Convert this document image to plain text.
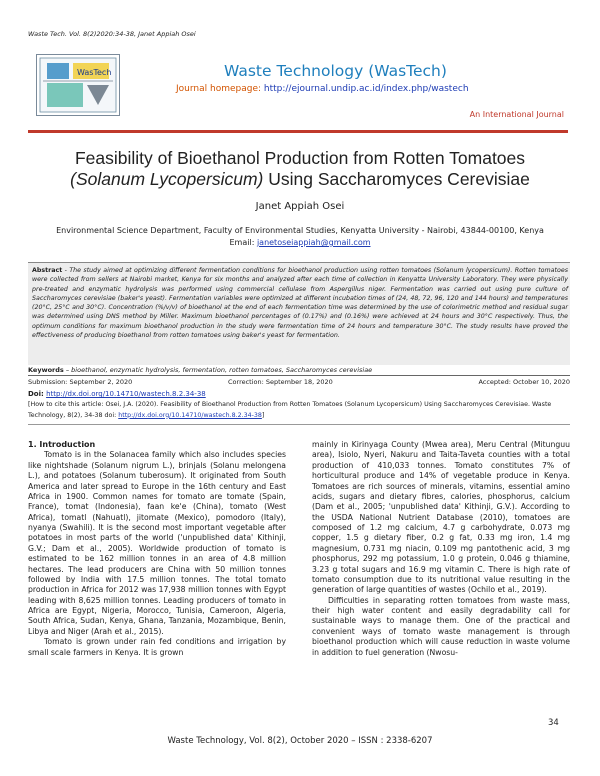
Waste Tech. Vol. 8(2)2020:34-38, Janet Appiah Osei
WasTech	Waste Technology (WasTech)
Journal homepage: http://ejournal.undip.ac.id/index.php/wastech
An International Journal
Feasibility of Bioethanol Production from Rotten Tomatoes
(Solanum Lycopersicum) Using Saccharomyces Cerevisiae
Janet Appiah Osei
Environmental Science Department, Faculty of Environmental Studies, Kenyatta University - Nairobi, 43844-00100, Kenya
Email: janetoseiappiah@gmail.com
Abstract - The study aimed at optimizing different fermentation conditions for bioethanol production using rotten tomatoes (Solanum lycopersicum). Rotten tomatoes were collected from sellers at Nairobi market, Kenya for six months and analyzed after each time of collection in Kenyatta University Laboratory. They were physically pre-treated and enzymatic hydrolysis was performed using commercial cellulase from Aspergillus niger. Fermentation was carried out using pure culture of Saccharomyces cerevisiae (baker's yeast). Fermentation variables were optimized at different incubation times of (24, 48, 72, 96, 120 and 144 hours) and temperatures (20°C, 25°C and 30°C). Concentration (%/v/v) of bioethanol at the end of each fermentation time was determined by the use of colorimetric method and residual sugar was determined using DNS method by Miller. Maximum bioethanol percentages of (0.17%) and (0.16%) were achieved at 24 hours and 30°C respectively. Thus, the optimum conditions for maximum bioethanol production in the study were fermentation time of 24 hours and temperature 30°C. The study results have proved the effectiveness of producing bioethanol from rotten tomatoes using baker's yeast for fermentation.
Keywords – bioethanol, enzymatic hydrolysis, fermentation, rotten tomatoes, Saccharomyces cerevisiae
Submission: September 2, 2020	Correction: September 18, 2020	Accepted: October 10, 2020
Doi: http://dx.doi.org/10.14710/wastech.8.2.34-38
[How to cite this article: Osei, J.A. (2020). Feasibility of Bioethanol Production from Rotten Tomatoes (Solanum Lycopersicum) Using Saccharomyces Cerevisiae. Waste Technology, 8(2), 34-38 doi: http://dx.doi.org/10.14710/wastech.8.2.34-38]

1. Introduction

Tomato is in the Solanacea family which also includes species like nightshade (Solanum nigrum L.), brinjals (Solanu melongena L.), and potatoes (Solanum tuberosum). It originated from South America and later spread to Europe in the 16th century and East Africa in 1900. Common names for tomato are tomate (Spain, France), tomat (Indonesia), faan ke'e (China), tomato (West Africa), tomatl (Nahuatl), jitomate (Mexico), pomodoro (Italy), nyanya (Swahili). It is the second most important vegetable after potatoes in most parts of the world ('unpublished data' Kithinji, G.V.; Dam et al., 2005). Worldwide production of tomato is estimated to be 162 million tonnes in an area of 4.8 million hectares. The lead producers are China with 50 million tonnes followed by India with 17.5 million tonnes. The total tomato production in Africa for 2012 was 17,938 million tonnes with Egypt leading with 8,625 million tonnes. Leading producers of tomato in Africa are Egypt, Nigeria, Morocco, Tunisia, Cameroon, Algeria, South Africa, Sudan, Kenya, Ghana, Tanzania, Mozambique, Benin, Libya and Niger (Arah et al., 2015).

Tomato is grown under rain fed conditions and irrigation by small scale farmers in Kenya. It is grown

mainly in Kirinyaga County (Mwea area), Meru Central (Mitunguu area), Isiolo, Nyeri, Nakuru and Taita-Taveta counties with a total production of 410,033 tonnes. Tomato constitutes 7% of horticultural produce and 14% of vegetable produce in Kenya. Tomatoes are rich sources of minerals, vitamins, essential amino acids, sugars and dietary fibres, calories, phosphorus, calcium (Dam et al., 2005; 'unpublished data' Kithinji, G.V.). According to the USDA National Nutrient Database (2010), tomatoes are composed of 1.2 mg calcium, 4.7 g carbohydrate, 0.073 mg copper, 1.5 g dietary fiber, 0.2 g fat, 0.33 mg iron, 1.4 mg magnesium, 0.731 mg niacin, 0.109 mg pantothenic acid, 3 mg phosphorus, 292 mg potassium, 1.0 g protein, 0.046 g thiamine, 3.23 g total sugars and 16.9 mg vitamin C. There is high rate of tomato consumption due to its nutritional value resulting in the generation of large quantities of wastes (Ochilo et al., 2019).

Difficulties in separating rotten tomatoes from waste mass, their high water content and easily degradability call for sustainable ways to manage them. One of the practical and convenient ways of tomato waste management is through bioethanol production which will cause reduction in waste volume in addition to fuel generation (Nwosu-

34
Waste Technology, Vol. 8(2), October 2020 – ISSN : 2338-6207
